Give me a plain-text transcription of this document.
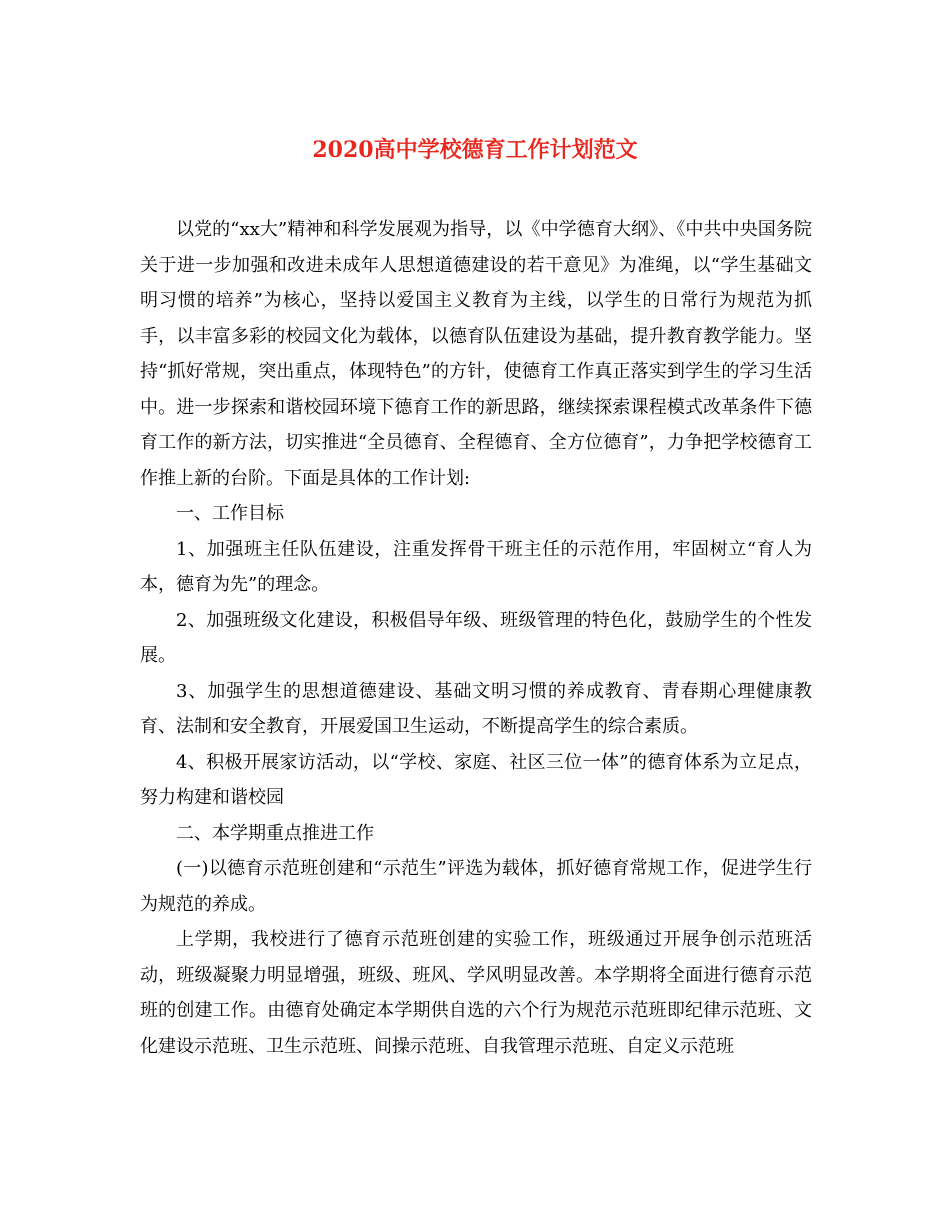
2020高中学校德育工作计划范文

以党的“xx大”精神和科学发展观为指导，以《中学德育大纲》、《中共中央国务院关于进一步加强和改进未成年人思想道德建设的若干意见》为准绳，以“学生基础文明习惯的培养”为核心，坚持以爱国主义教育为主线，以学生的日常行为规范为抓手，以丰富多彩的校园文化为载体，以德育队伍建设为基础，提升教育教学能力。坚持“抓好常规，突出重点，体现特色”的方针，使德育工作真正落实到学生的学习生活中。进一步探索和谐校园环境下德育工作的新思路，继续探索课程模式改革条件下德育工作的新方法，切实推进“全员德育、全程德育、全方位德育”，力争把学校德育工作推上新的台阶。下面是具体的工作计划:

一、工作目标

1、加强班主任队伍建设，注重发挥骨干班主任的示范作用，牢固树立“育人为本，德育为先”的理念。

2、加强班级文化建设，积极倡导年级、班级管理的特色化，鼓励学生的个性发展。

3、加强学生的思想道德建设、基础文明习惯的养成教育、青春期心理健康教育、法制和安全教育，开展爱国卫生运动，不断提高学生的综合素质。

4、积极开展家访活动，以“学校、家庭、社区三位一体”的德育体系为立足点，努力构建和谐校园

二、本学期重点推进工作

(一)以德育示范班创建和“示范生”评选为载体，抓好德育常规工作，促进学生行为规范的养成。

上学期，我校进行了德育示范班创建的实验工作，班级通过开展争创示范班活动，班级凝聚力明显增强，班级、班风、学风明显改善。本学期将全面进行德育示范班的创建工作。由德育处确定本学期供自选的六个行为规范示范班即纪律示范班、文化建设示范班、卫生示范班、间操示范班、自我管理示范班、自定义示范班
